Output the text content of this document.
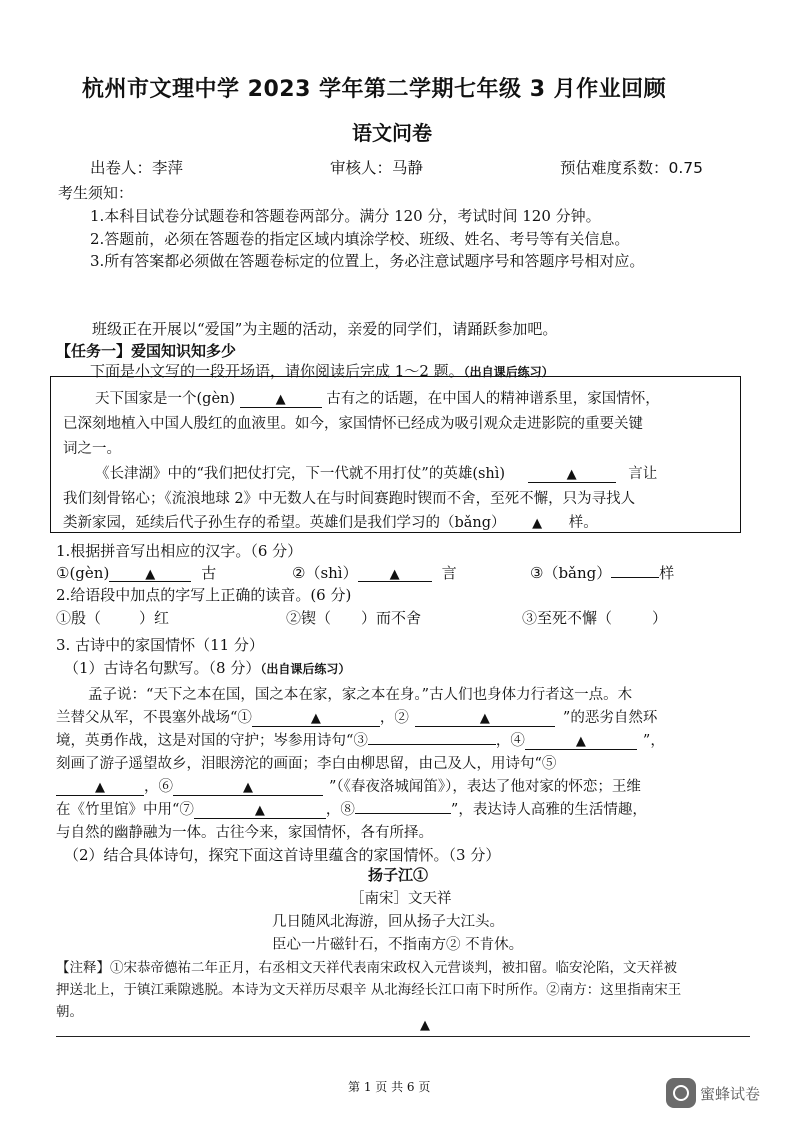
杭州市文理中学 2023 学年第二学期七年级 3 月作业回顾
语文问卷
出卷人：李萍	审核人：马静	预估难度系数：0.75
考生须知：
1.本科目试卷分试题卷和答题卷两部分。满分 120 分，考试时间 120 分钟。
2.答题前，必须在答题卷的指定区域内填涂学校、班级、姓名、考号等有关信息。
3.所有答案都必须做在答题卷标定的位置上，务必注意试题序号和答题序号相对应。
班级正在开展以“爱国”为主题的活动，亲爱的同学们，请踊跃参加吧。
【任务一】爱国知识知多少
下面是小文写的一段开场语，请你阅读后完成 1～2 题。（出自课后练习）
天下国家是一个(gèn)	▲	古有之的话题，在中国人的精神谱系里，家国情怀，
已深刻地植入中国人殷红的血液里。如今，家国情怀已经成为吸引观众走进影院的重要关键
词之一。
《长津湖》中的“我们把仗打完，下一代就不用打仗”的英雄(shì)	▲	言让
我们刻骨铭心；《流浪地球 2》中无数人在与时间赛跑时锲而不舍，至死不懈，只为寻找人
类新家园，延续后代子孙生存的希望。英雄们是我们学习的（bǎng） ▲ 样。
1.根据拼音写出相应的汉字。（6 分）
①(gèn)	▲	古	②（shì） ▲	言	③（bǎng）	样
2.给语段中加点的字写上正确的读音。(6 分)
①殷（	）红	②锲（ ）而不舍	③至死不懈（	）
3. 古诗中的家国情怀（11 分）
（1）古诗名句默写。（8 分）（出自课后练习）
孟子说：“天下之本在国，国之本在家，家之本在身。”古人们也身体力行者这一点。木
兰替父从军，不畏塞外战场“①	▲	，②	▲	”的恶劣自然环
境，英勇作战，这是对国的守护；岑参用诗句“③	，④	▲	”，
刻画了游子遥望故乡，泪眼滂沱的画面；李白由柳思留，由己及人，用诗句“⑤
▲	，⑥	▲	”（《春夜洛城闻笛》），表达了他对家的怀恋；王维
在《竹里馆》中用“⑦	▲	，⑧	”，表达诗人高雅的生活情趣，
与自然的幽静融为一体。古往今来，家国情怀，各有所择。
（2）结合具体诗句，探究下面这首诗里蕴含的家国情怀。（3 分）
扬子江①
［南宋］文天祥
几日随风北海游，回从扬子大江头。
臣心一片磁针石，不指南方② 不肯休。
【注释】①宋恭帝德祐二年正月，右丞相文天祥代表南宋政权入元营谈判，被扣留。临安沦陷，文天祥被
押送北上，于镇江乘隙逃脱。本诗为文天祥历尽艰辛 从北海经长江口南下时所作。②南方：这里指南宋王
朝。
▲
第 1 页 共 6 页	蜜蜂试卷
